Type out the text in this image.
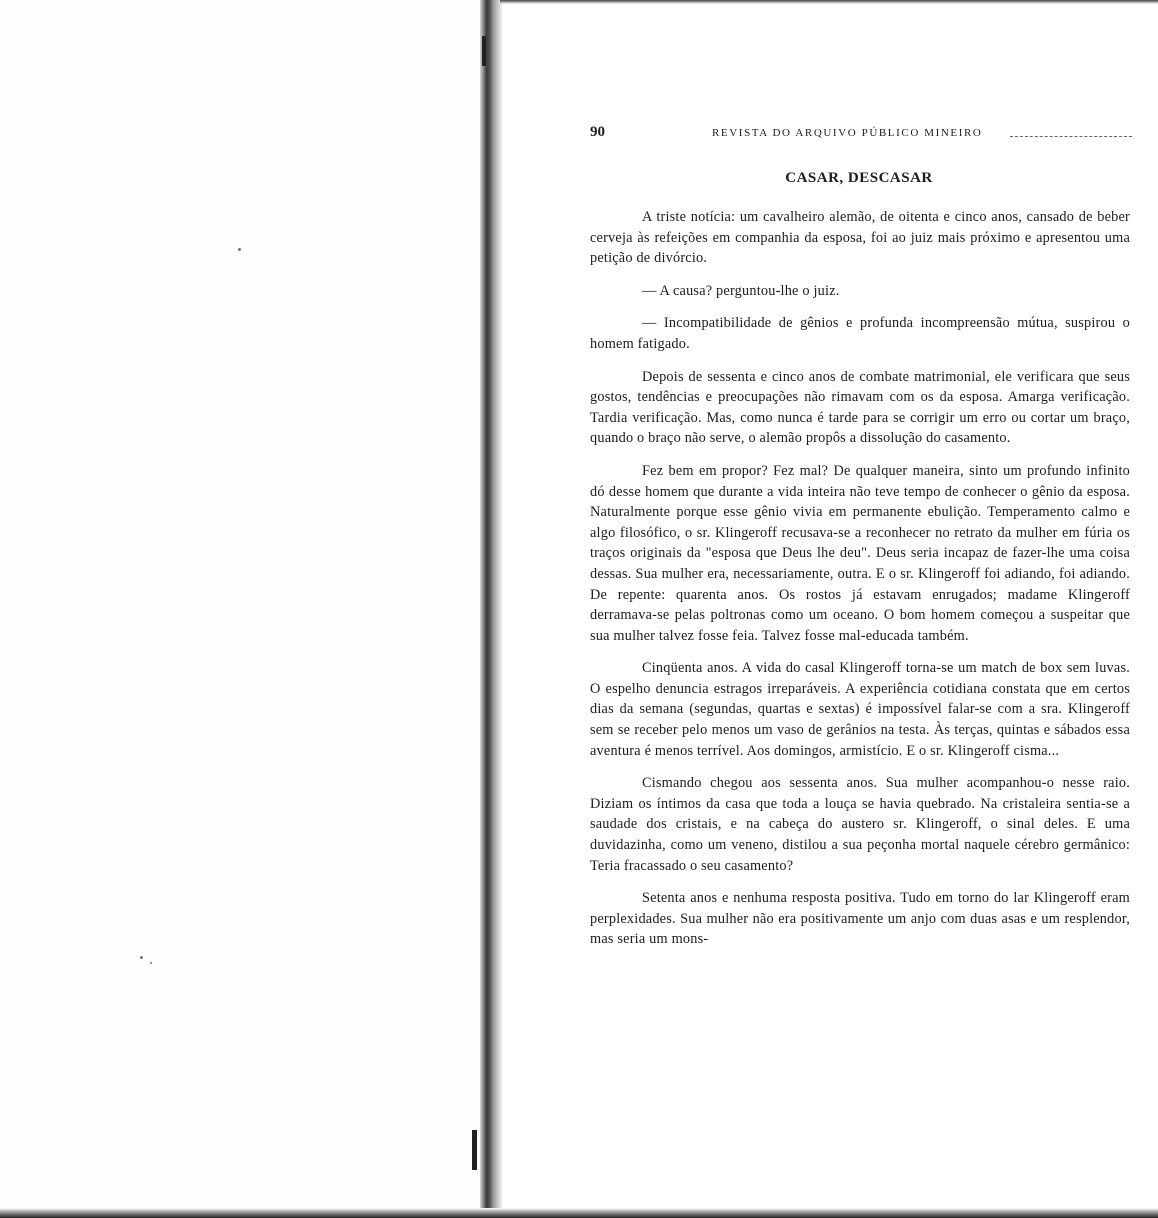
90	REVISTA DO ARQUIVO PÚBLICO MINEIRO
CASAR, DESCASAR

A triste notícia: um cavalheiro alemão, de oitenta e cinco anos, cansado de beber cerveja às refeições em companhia da esposa, foi ao juiz mais próximo e apresentou uma petição de divórcio.

— A causa? perguntou-lhe o juiz.

— Incompatibilidade de gênios e profunda incompreensão mútua, suspirou o homem fatigado.

Depois de sessenta e cinco anos de combate matrimonial, ele verificara que seus gostos, tendências e preocupações não rimavam com os da esposa. Amarga verificação. Tardia verificação. Mas, como nunca é tarde para se corrigir um erro ou cortar um braço, quando o braço não serve, o alemão propôs a dissolução do casamento.

Fez bem em propor? Fez mal? De qualquer maneira, sinto um profundo infinito dó desse homem que durante a vida inteira não teve tempo de conhecer o gênio da esposa. Naturalmente porque esse gênio vivia em permanente ebulição. Temperamento calmo e algo filosófico, o sr. Klingeroff recusava-se a reconhecer no retrato da mulher em fúria os traços originais da "esposa que Deus lhe deu". Deus seria incapaz de fazer-lhe uma coisa dessas. Sua mulher era, necessariamente, outra. E o sr. Klingeroff foi adiando, foi adiando. De repente: quarenta anos. Os rostos já estavam enrugados; madame Klingeroff derramava-se pelas poltronas como um oceano. O bom homem começou a suspeitar que sua mulher talvez fosse feia. Talvez fosse mal-educada também.

Cinqüenta anos. A vida do casal Klingeroff torna-se um match de box sem luvas. O espelho denuncia estragos irreparáveis. A experiência cotidiana constata que em certos dias da semana (segundas, quartas e sextas) é impossível falar-se com a sra. Klingeroff sem se receber pelo menos um vaso de gerânios na testa. Às terças, quintas e sábados essa aventura é menos terrível. Aos domingos, armistício. E o sr. Klingeroff cisma...

Cismando chegou aos sessenta anos. Sua mulher acompanhou-o nesse raio. Diziam os íntimos da casa que toda a louça se havia quebrado. Na cristaleira sentia-se a saudade dos cristais, e na cabeça do austero sr. Klingeroff, o sinal deles. E uma duvidazinha, como um veneno, distilou a sua peçonha mortal naquele cérebro germânico: Teria fracassado o seu casamento?

Setenta anos e nenhuma resposta positiva. Tudo em torno do lar Klingeroff eram perplexidades. Sua mulher não era positivamente um anjo com duas asas e um resplendor, mas seria um mons-
